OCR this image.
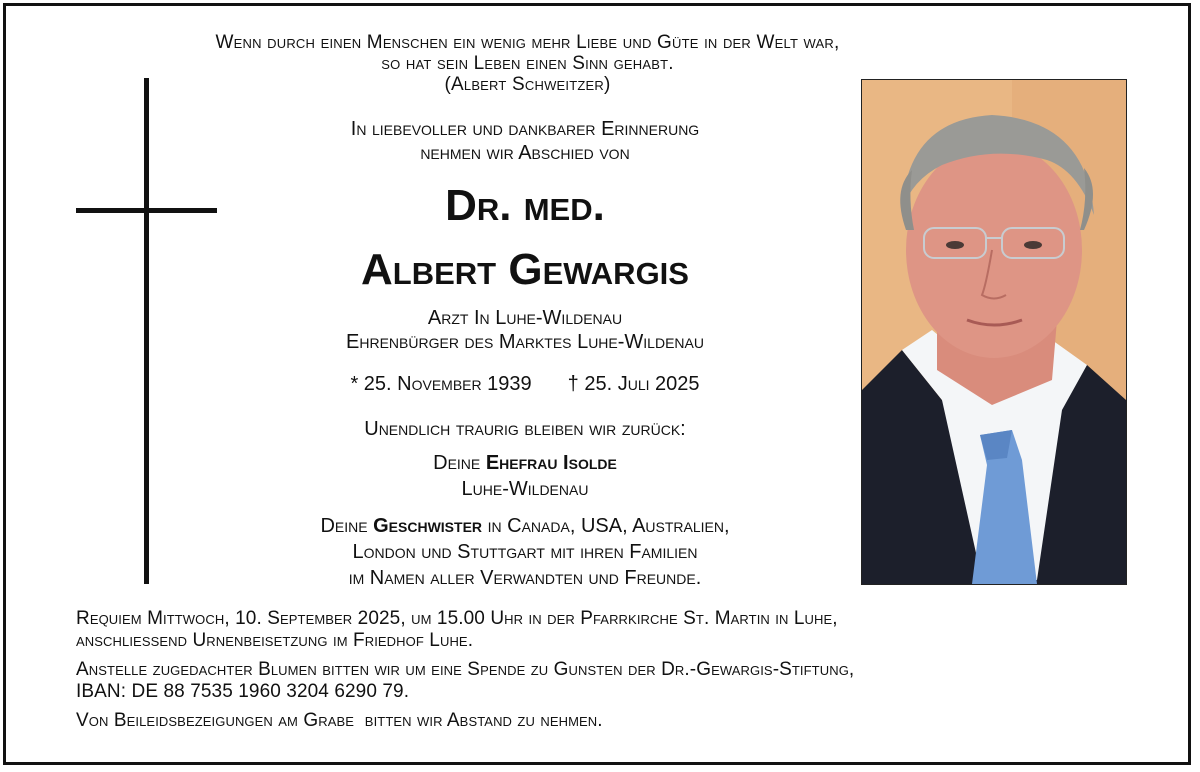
Wenn durch einen Menschen ein wenig mehr Liebe und Güte in der Welt war,
so hat sein Leben einen Sinn gehabt.
(Albert Schweitzer)
In liebevoller und dankbarer Erinnerung
nehmen wir Abschied von
Dr. med.
Albert Gewargis
Arzt In Luhe-Wildenau
Ehrenbürger des Marktes Luhe-Wildenau
* 25. November 1939 † 25. Juli 2025
Unendlich traurig bleiben wir zurück:
Deine Ehefrau Isolde
Luhe-Wildenau
Deine Geschwister in Canada, USA, Australien,
London und Stuttgart mit ihren Familien
im Namen aller Verwandten und Freunde.

Requiem Mittwoch, 10. September 2025, um 15.00 Uhr in der Pfarrkirche St. Martin in Luhe,
anschliessend Urnenbeisetzung im Friedhof Luhe.

Anstelle zugedachter Blumen bitten wir um eine Spende zu Gunsten der Dr.-Gewargis-Stiftung,
IBAN: DE 88 7535 1960 3204 6290 79.

Von Beileidsbezeigungen am Grabe  bitten wir Abstand zu nehmen.
